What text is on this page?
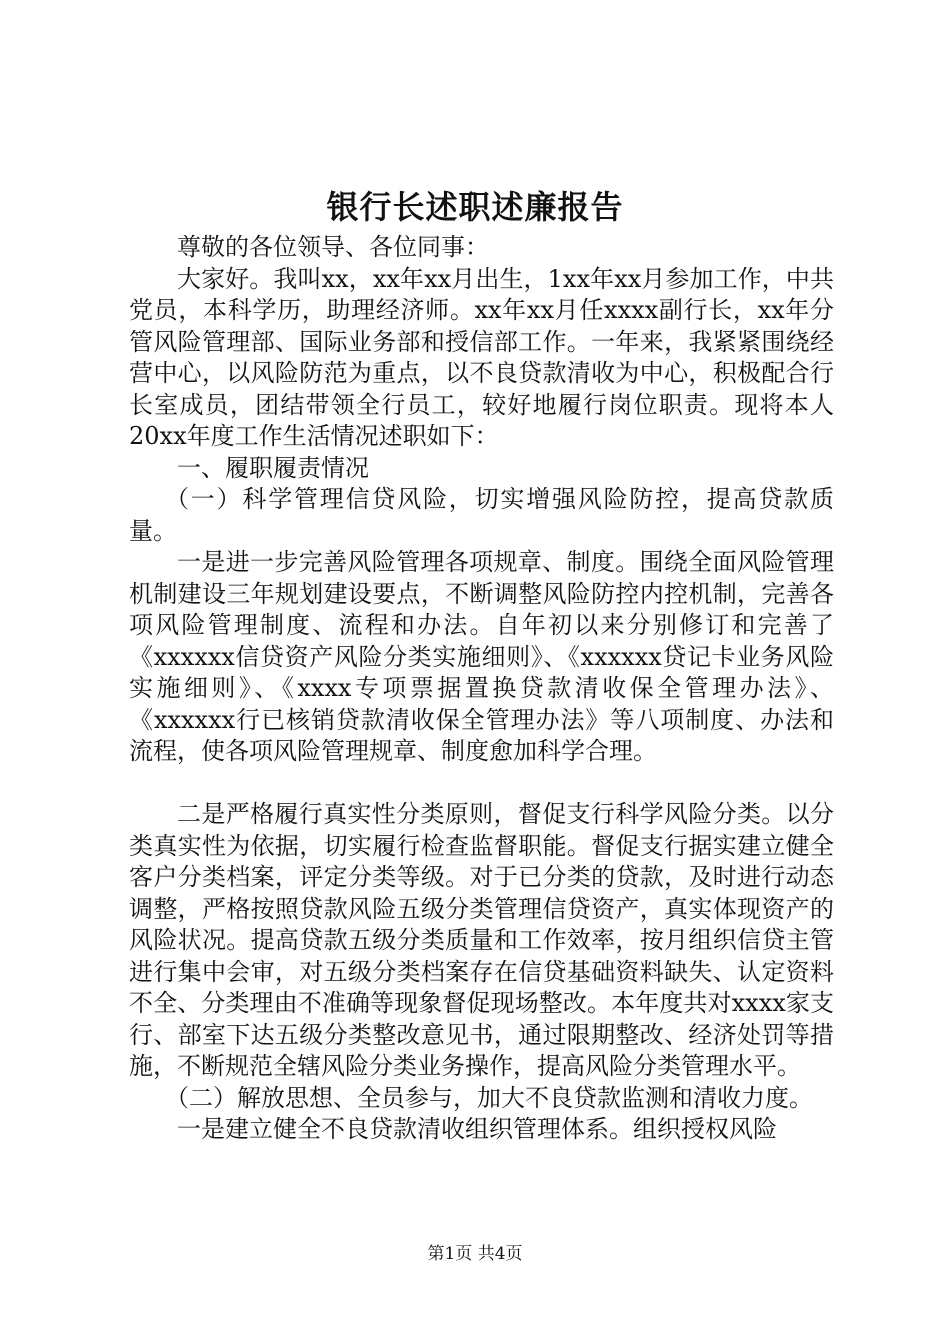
银行长述职述廉报告

尊敬的各位领导、各位同事：

大家好。我叫xx，xx年xx月出生，1xx年xx月参加工作，中共党员，本科学历，助理经济师。xx年xx月任xxxx副行长，xx年分管风险管理部、国际业务部和授信部工作。一年来，我紧紧围绕经营中心，以风险防范为重点，以不良贷款清收为中心，积极配合行长室成员，团结带领全行员工，较好地履行岗位职责。现将本人20xx年度工作生活情况述职如下：

一、履职履责情况

（一）科学管理信贷风险，切实增强风险防控，提高贷款质量。

一是进一步完善风险管理各项规章、制度。围绕全面风险管理机制建设三年规划建设要点，不断调整风险防控内控机制，完善各项风险管理制度、流程和办法。自年初以来分别修订和完善了《xxxxxx信贷资产风险分类实施细则》、《xxxxxx贷记卡业务风险实施细则》、《xxxx专项票据置换贷款清收保全管理办法》、《xxxxxx行已核销贷款清收保全管理办法》等八项制度、办法和流程，使各项风险管理规章、制度愈加科学合理。

二是严格履行真实性分类原则，督促支行科学风险分类。以分类真实性为依据，切实履行检查监督职能。督促支行据实建立健全客户分类档案，评定分类等级。对于已分类的贷款，及时进行动态调整，严格按照贷款风险五级分类管理信贷资产，真实体现资产的风险状况。提高贷款五级分类质量和工作效率，按月组织信贷主管进行集中会审，对五级分类档案存在信贷基础资料缺失、认定资料不全、分类理由不准确等现象督促现场整改。本年度共对xxxx家支行、部室下达五级分类整改意见书，通过限期整改、经济处罚等措施，不断规范全辖风险分类业务操作，提高风险分类管理水平。

（二）解放思想、全员参与，加大不良贷款监测和清收力度。

一是建立健全不良贷款清收组织管理体系。组织授权风险

第1页 共4页
